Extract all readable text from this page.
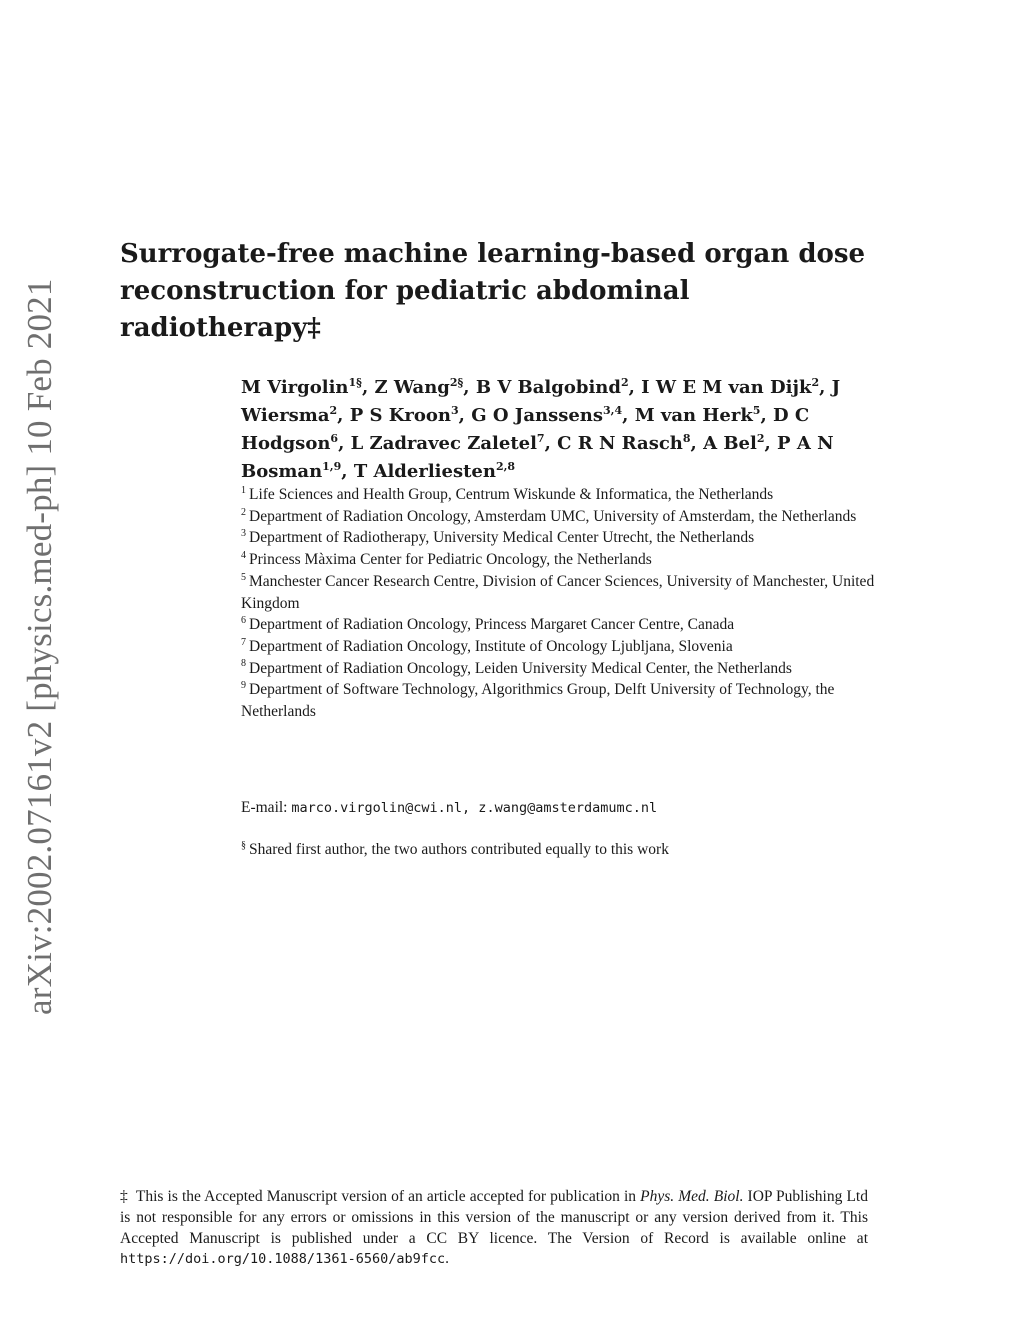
arXiv:2002.07161v2 [physics.med-ph] 10 Feb 2021
Surrogate-free machine learning-based organ dose reconstruction for pediatric abdominal radiotherapy‡

M Virgolin$^{1\S}$, Z Wang$^{2\S}$, B V Balgobind$^2$, I W E M van Dijk$^2$, J Wiersma$^2$, P S Kroon$^3$, G O Janssens$^{3,4}$, M van Herk$^5$, D C Hodgson$^6$, L Zadravec Zaletel$^7$, C R N Rasch$^8$, A Bel$^2$, P A N Bosman$^{1,9}$, T Alderliesten$^{2,8}$

$^1$ Life Sciences and Health Group, Centrum Wiskunde & Informatica, the Netherlands

$^2$ Department of Radiation Oncology, Amsterdam UMC, University of Amsterdam, the Netherlands

$^3$ Department of Radiotherapy, University Medical Center Utrecht, the Netherlands

$^4$ Princess Màxima Center for Pediatric Oncology, the Netherlands

$^5$ Manchester Cancer Research Centre, Division of Cancer Sciences, University of Manchester, United Kingdom

$^6$ Department of Radiation Oncology, Princess Margaret Cancer Centre, Canada

$^7$ Department of Radiation Oncology, Institute of Oncology Ljubljana, Slovenia

$^8$ Department of Radiation Oncology, Leiden University Medical Center, the Netherlands

$^9$ Department of Software Technology, Algorithmics Group, Delft University of Technology, the Netherlands

E-mail: marco.virgolin@cwi.nl, z.wang@amsterdamumc.nl
§ Shared first author, the two authors contributed equally to this work

‡ This is the Accepted Manuscript version of an article accepted for publication in Phys. Med. Biol. IOP Publishing Ltd is not responsible for any errors or omissions in this version of the manuscript or any version derived from it. This Accepted Manuscript is published under a CC BY licence. The Version of Record is available online at https://doi.org/10.1088/1361-6560/ab9fcc.
